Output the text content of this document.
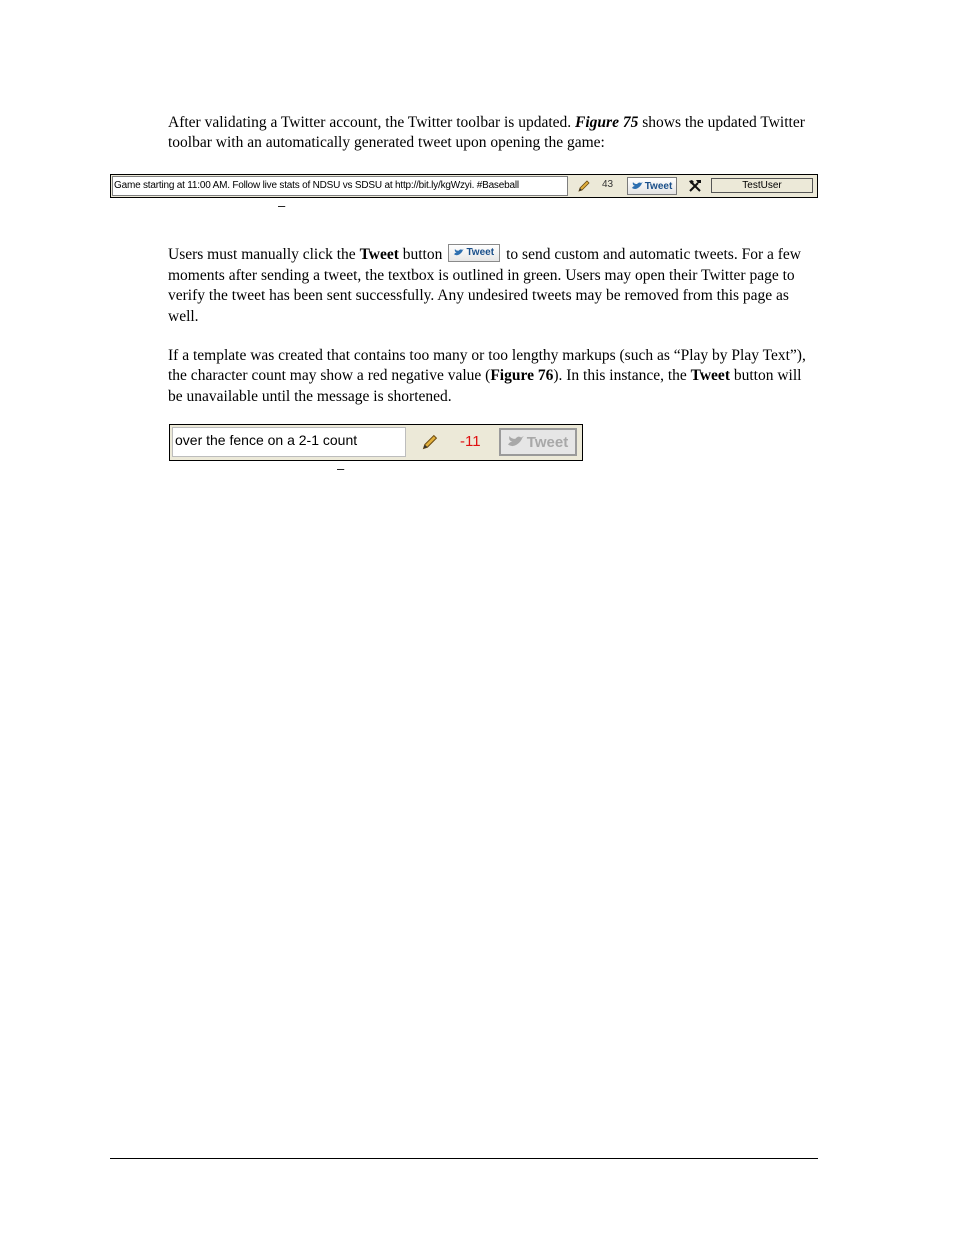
After validating a Twitter account, the Twitter toolbar is updated. Figure 75 shows the updated Twitter toolbar with an automatically generated tweet upon opening the game:

Game starting at 11:00 AM. Follow live stats of NDSU vs SDSU at http://bit.ly/kgWzyi. #Baseball	43	Tweet	TestUser
–

Users must manually click the Tweet button Tweet to send custom and automatic tweets. For a few moments after sending a tweet, the textbox is outlined in green. Users may open their Twitter page to verify the tweet has been sent successfully. Any undesired tweets may be removed from this page as well.

If a template was created that contains too many or too lengthy markups (such as “Play by Play Text”), the character count may show a red negative value (Figure 76). In this instance, the Tweet button will be unavailable until the message is shortened.

over the fence on a 2-1 count	-11	Tweet
–
